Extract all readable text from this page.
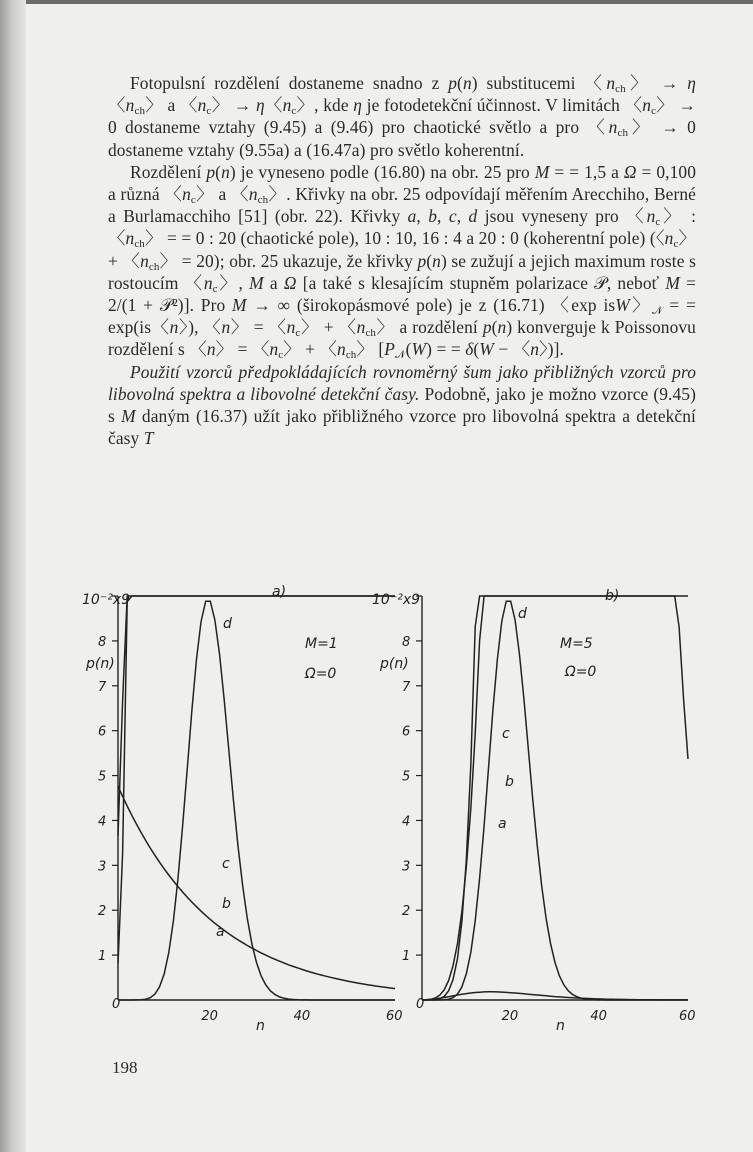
Fotopulsní rozdělení dostaneme snadno z p(n) substitucemi 〈$n_{ch}$〉 → η〈$n_{ch}$〉 a 〈$n_c$〉 → η〈$n_c$〉, kde η je fotodetekční účinnost. V limitách 〈$n_c$〉 → 0 dostaneme vztahy (9.45) a (9.46) pro chaotické světlo a pro 〈$n_{ch}$〉 → 0 dostaneme vztahy (9.55a) a (16.47a) pro světlo koherentní.

Rozdělení p(n) je vyneseno podle (16.80) na obr. 25 pro M = = 1,5 a Ω = 0,100 a různá 〈$n_c$〉 a 〈$n_{ch}$〉. Křivky na obr. 25 odpovídají měřením Arecchiho, Berné a Burlamacchiho [51] (obr. 22). Křivky a, b, c, d jsou vyneseny pro 〈$n_c$〉 : 〈$n_{ch}$〉 = = 0 : 20 (chaotické pole), 10 : 10, 16 : 4 a 20 : 0 (koherentní pole) (〈$n_c$〉 + 〈$n_{ch}$〉 = 20); obr. 25 ukazuje, že křivky p(n) se zužují a jejich maximum roste s rostoucím 〈$n_c$〉, M a Ω [a také s klesajícím stupněm polarizace 𝒫, neboť M = 2/(1 + 𝒫²)]. Pro M → ∞ (širokopásmové pole) je z (16.71) 〈exp isW〉$_𝒩$ = = exp(is〈n〉), 〈n〉 = 〈$n_c$〉 + 〈$n_{ch}$〉 a rozdělení p(n) konverguje k Poissonovu rozdělení s 〈n〉 = 〈$n_c$〉 + 〈$n_{ch}$〉 [$P_𝒩(W)$ = = δ(W − 〈n〉)].

Použití vzorců předpokládajících rovnoměrný šum jako přibližných vzorců pro libovolná spektra a libovolné detekční časy. Podobně, jako je možno vzorce (9.45) s M daným (16.37) užít jako přibližného vzorce pro libovolná spektra a detekční časy T

1
2
3
4
5
6
7
8
20	40	60
10⁻²x9
p(n)
a)
M=1
Ω=0
0
n
d
c
b
a
1
2
3
4
5
6
7
8
20	40	60
10⁻²x9
p(n)
b)
M=5
Ω=0
0
n
d
c
b
a
198
